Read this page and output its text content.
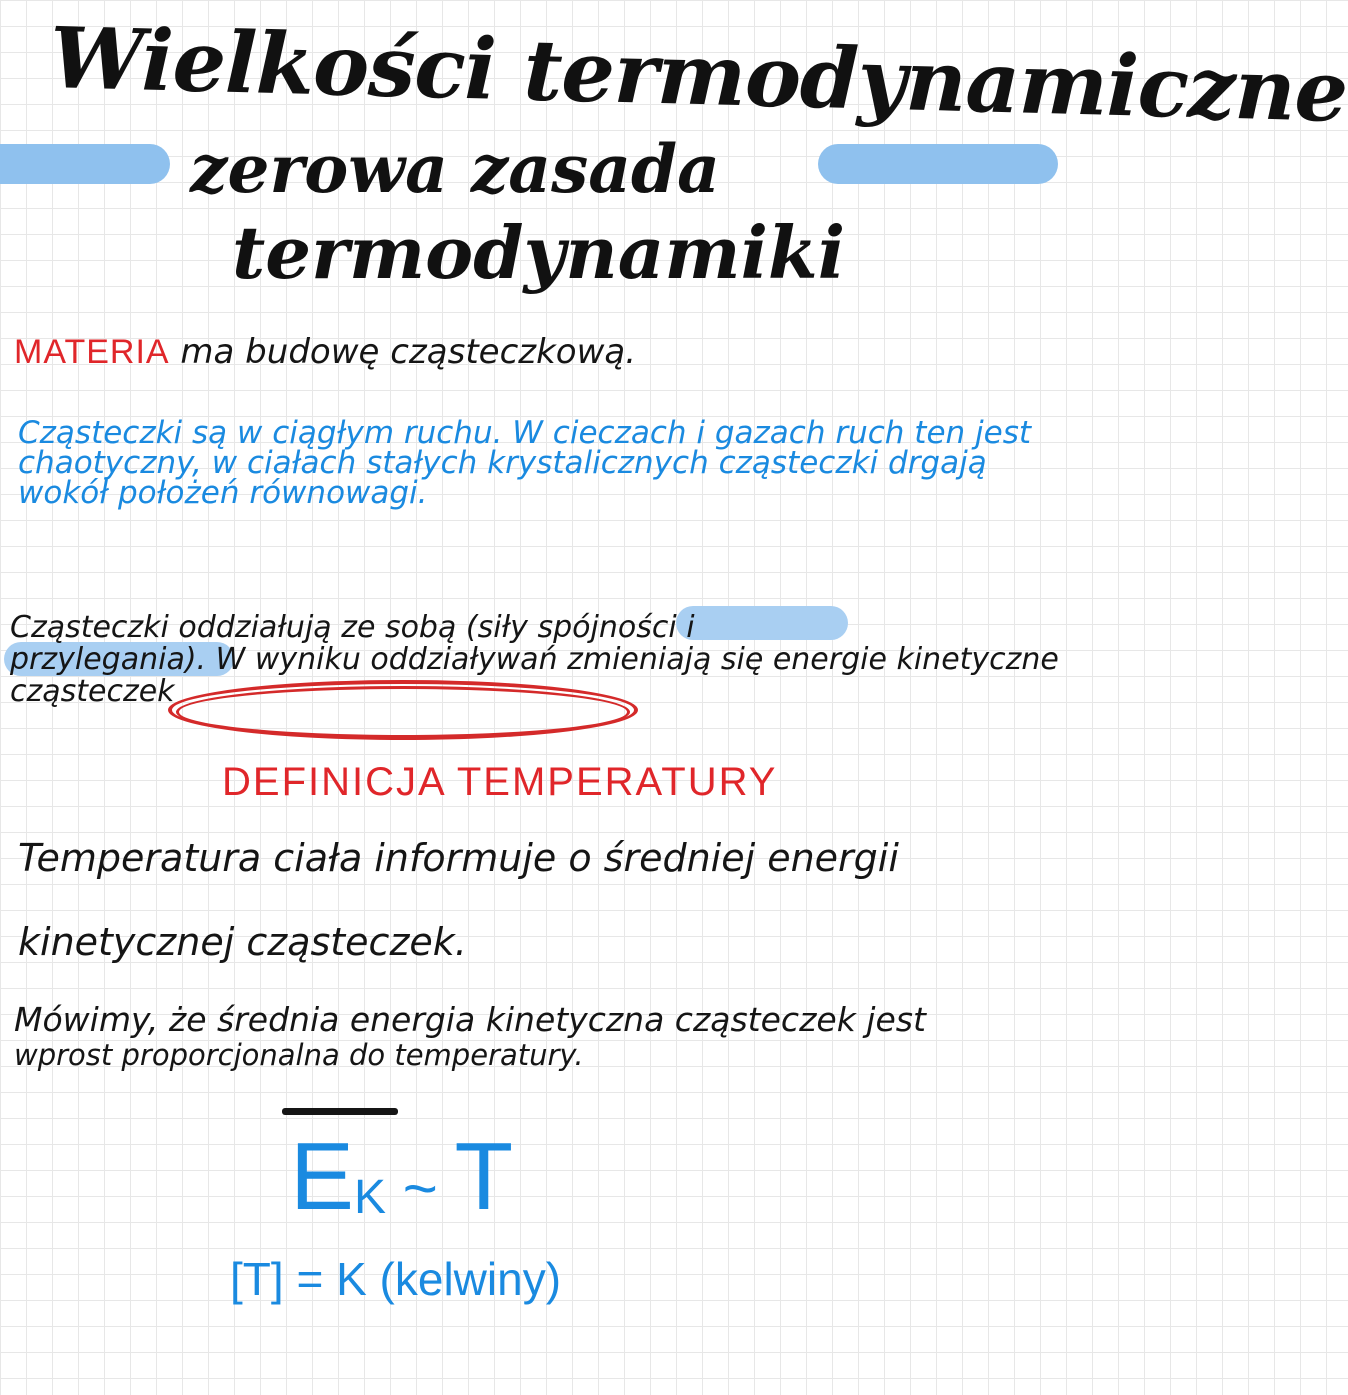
Wielkości termodynamiczne
zerowa zasada
termodynamiki
MATERIA ma budowę cząsteczkową.
Cząsteczki są w ciągłym ruchu. W cieczach i gazach ruch ten jest chaotyczny, w ciałach stałych krystalicznych cząsteczki drgają wokół położeń równowagi.
Cząsteczki oddziałują ze sobą (siły spójności i
przylegania). W wyniku oddziaływań zmieniają się energie kinetyczne cząsteczek
DEFINICJA TEMPERATURY
Temperatura ciała informuje o średniej energii
kinetycznej cząsteczek.
Mówimy, że średnia energia kinetyczna cząsteczek jest
wprost proporcjonalna do temperatury.
EK ~ T
[T] = K (kelwiny)
